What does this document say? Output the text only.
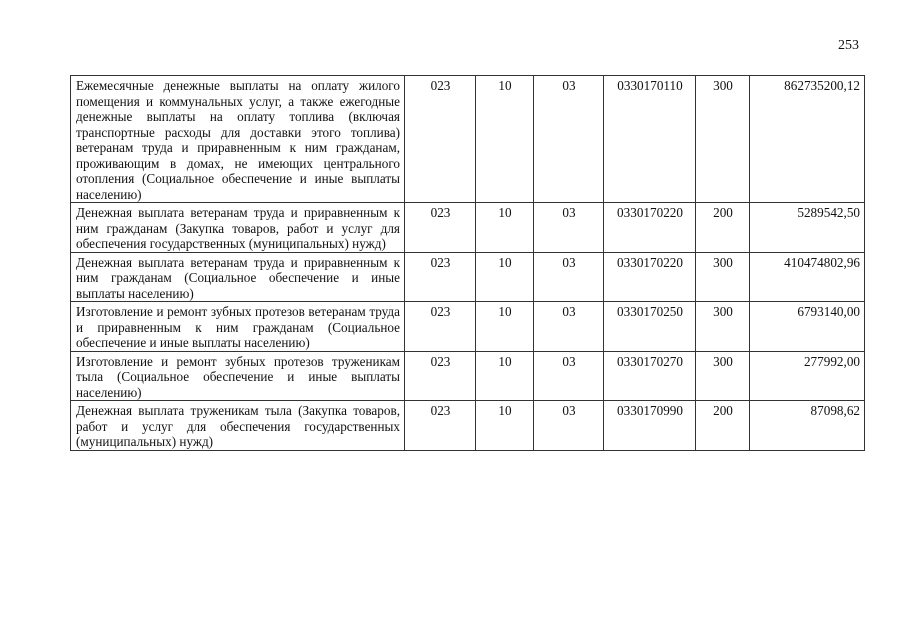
253
Ежемесячные денежные выплаты на оплату жилого помещения и коммунальных услуг, а также ежегодные денежные выплаты на оплату топлива (включая транспортные расходы для доставки этого топлива) ветеранам труда и приравненным к ним гражданам, проживающим в домах, не имеющих центрального отопления (Социальное обеспечение и иные выплаты населению)	023	10	03	0330170110	300	862735200,12
Денежная выплата ветеранам труда и приравненным к ним гражданам (Закупка товаров, работ и услуг для обеспечения государственных (муниципальных) нужд)	023	10	03	0330170220	200	5289542,50
Денежная выплата ветеранам труда и приравненным к ним гражданам (Социальное обеспечение и иные выплаты населению)	023	10	03	0330170220	300	410474802,96
Изготовление и ремонт зубных протезов ветеранам труда и приравненным к ним гражданам (Социальное обеспечение и иные выплаты населению)	023	10	03	0330170250	300	6793140,00
Изготовление и ремонт зубных протезов труженикам тыла (Социальное обеспечение и иные выплаты населению)	023	10	03	0330170270	300	277992,00
Денежная выплата труженикам тыла (Закупка товаров, работ и услуг для обеспечения государственных (муниципальных) нужд)	023	10	03	0330170990	200	87098,62
